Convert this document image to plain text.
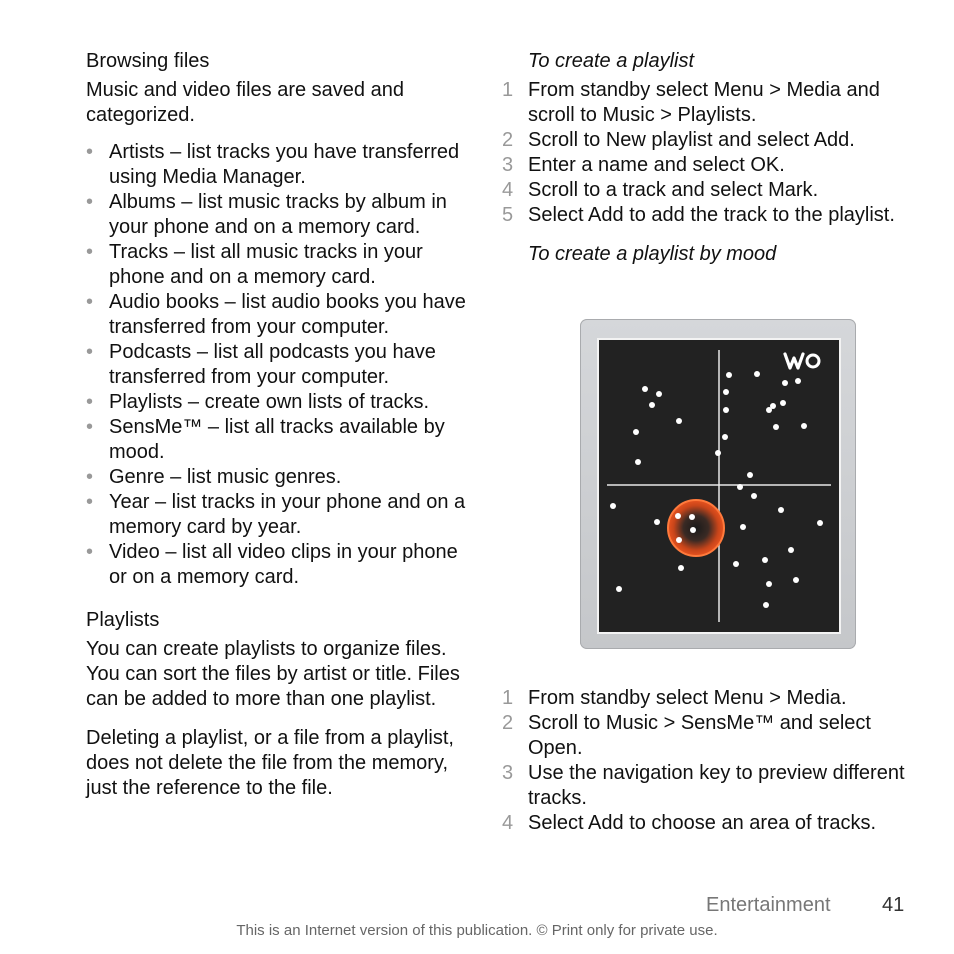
Browsing files

Music and video files are saved and categorized.

• Artists – list tracks you have transferred using Media Manager.
• Albums – list music tracks by album in your phone and on a memory card.
• Tracks – list all music tracks in your phone and on a memory card.
• Audio books – list audio books you have transferred from your computer.
• Podcasts – list all podcasts you have transferred from your computer.
• Playlists – create own lists of tracks.
• SensMe™ – list all tracks available by mood.
• Genre – list music genres.
• Year – list tracks in your phone and on a memory card by year.
• Video – list all video clips in your phone or on a memory card.
Playlists

You can create playlists to organize files. You can sort the files by artist or title. Files can be added to more than one playlist.

Deleting a playlist, or a file from a playlist, does not delete the file from the memory, just the reference to the file.

To create a playlist
1 From standby select Menu > Media and scroll to Music > Playlists.
2 Scroll to New playlist and select Add.
3 Enter a name and select OK.
4 Scroll to a track and select Mark.
5 Select Add to add the track to the playlist.
To create a playlist by mood
1 From standby select Menu > Media.
2 Scroll to Music > SensMe™ and select Open.
3 Use the navigation key to preview different tracks.
4 Select Add to choose an area of tracks.
Entertainment	41
This is an Internet version of this publication. © Print only for private use.
